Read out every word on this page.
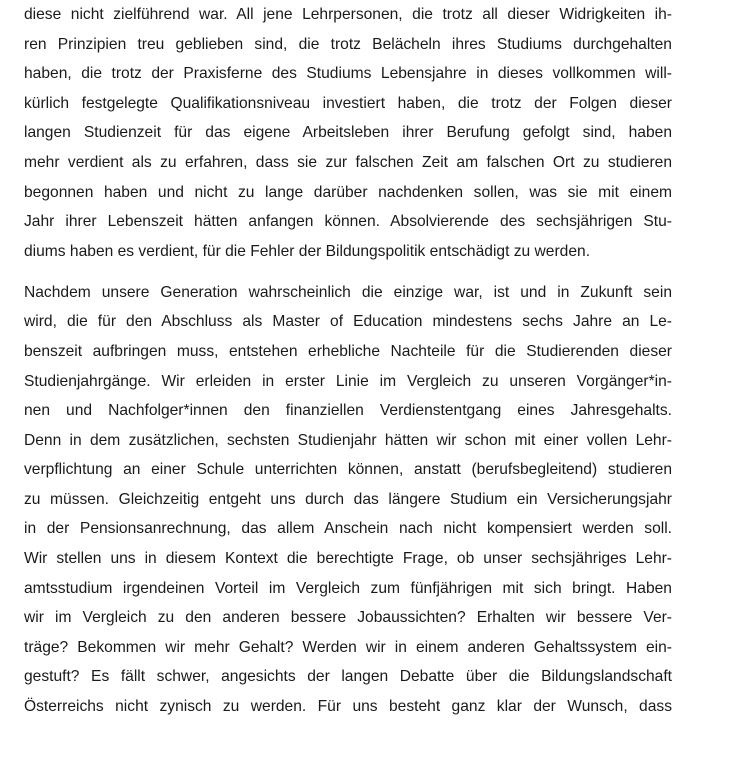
diese nicht zielführend war. All jene Lehrpersonen, die trotz all dieser Widrigkeiten ih-
ren Prinzipien treu geblieben sind, die trotz Belächeln ihres Studiums durchgehalten
haben, die trotz der Praxisferne des Studiums Lebensjahre in dieses vollkommen will-
kürlich festgelegte Qualifikationsniveau investiert haben, die trotz der Folgen dieser
langen Studienzeit für das eigene Arbeitsleben ihrer Berufung gefolgt sind, haben
mehr verdient als zu erfahren, dass sie zur falschen Zeit am falschen Ort zu studieren
begonnen haben und nicht zu lange darüber nachdenken sollen, was sie mit einem
Jahr ihrer Lebenszeit hätten anfangen können. Absolvierende des sechsjährigen Stu-
diums haben es verdient, für die Fehler der Bildungspolitik entschädigt zu werden.
Nachdem unsere Generation wahrscheinlich die einzige war, ist und in Zukunft sein
wird, die für den Abschluss als Master of Education mindestens sechs Jahre an Le-
benszeit aufbringen muss, entstehen erhebliche Nachteile für die Studierenden dieser
Studienjahrgänge. Wir erleiden in erster Linie im Vergleich zu unseren Vorgänger*in-
nen und Nachfolger*innen den finanziellen Verdienstentgang eines Jahresgehalts.
Denn in dem zusätzlichen, sechsten Studienjahr hätten wir schon mit einer vollen Lehr-
verpflichtung an einer Schule unterrichten können, anstatt (berufsbegleitend) studieren
zu müssen. Gleichzeitig entgeht uns durch das längere Studium ein Versicherungsjahr
in der Pensionsanrechnung, das allem Anschein nach nicht kompensiert werden soll.
Wir stellen uns in diesem Kontext die berechtigte Frage, ob unser sechsjähriges Lehr-
amtsstudium irgendeinen Vorteil im Vergleich zum fünfjährigen mit sich bringt. Haben
wir im Vergleich zu den anderen bessere Jobaussichten? Erhalten wir bessere Ver-
träge? Bekommen wir mehr Gehalt? Werden wir in einem anderen Gehaltssystem ein-
gestuft? Es fällt schwer, angesichts der langen Debatte über die Bildungslandschaft
Österreichs nicht zynisch zu werden. Für uns besteht ganz klar der Wunsch, dass
